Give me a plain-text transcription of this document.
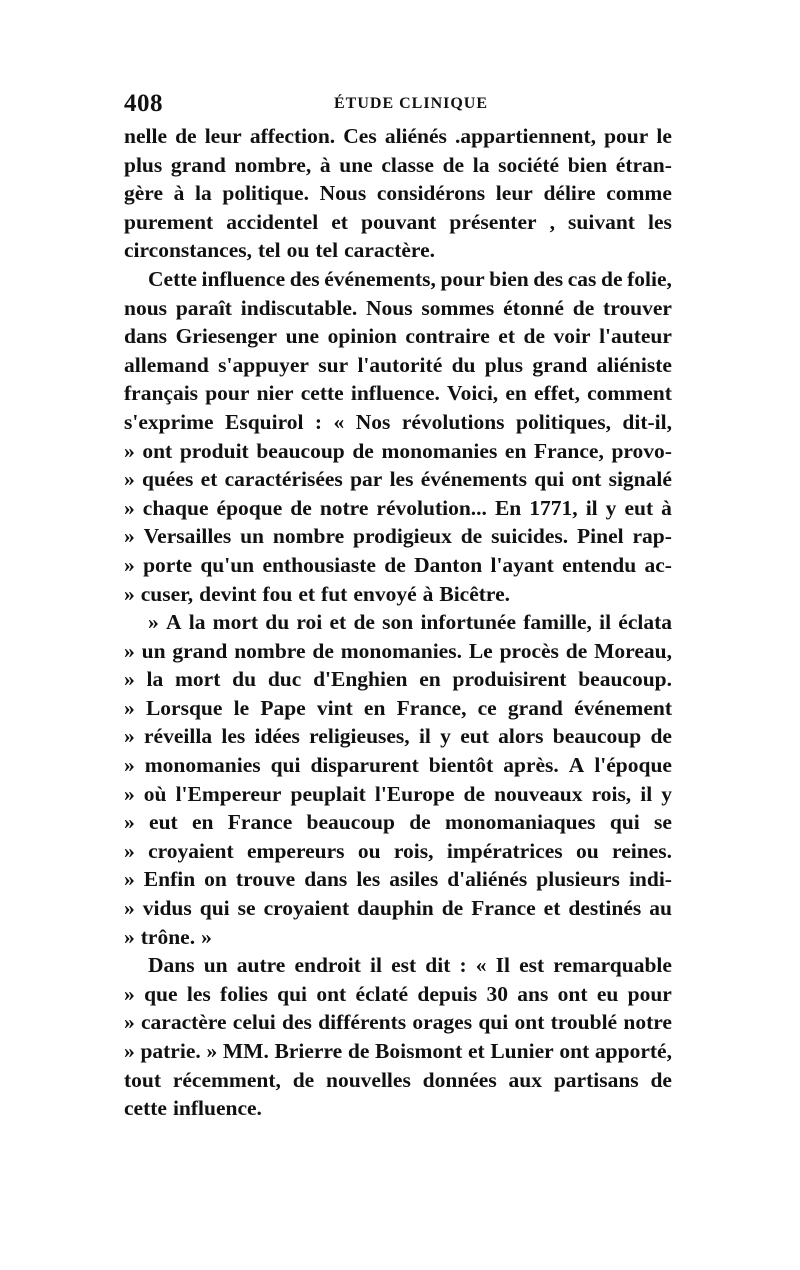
408	ÉTUDE CLINIQUE
nelle de leur affection. Ces aliénés .appartiennent, pour le
plus grand nombre, à une classe de la société bien étran-
gère à la politique. Nous considérons leur délire comme
purement accidentel et pouvant présenter , suivant les
circonstances, tel ou tel caractère.
Cette influence des événements, pour bien des cas de folie,
nous paraît indiscutable. Nous sommes étonné de trouver
dans Griesenger une opinion contraire et de voir l'auteur
allemand s'appuyer sur l'autorité du plus grand aliéniste
français pour nier cette influence. Voici, en effet, comment
s'exprime Esquirol : « Nos révolutions politiques, dit-il,
» ont produit beaucoup de monomanies en France, provo-
» quées et caractérisées par les événements qui ont signalé
» chaque époque de notre révolution... En 1771, il y eut à
» Versailles un nombre prodigieux de suicides. Pinel rap-
» porte qu'un enthousiaste de Danton l'ayant entendu ac-
» cuser, devint fou et fut envoyé à Bicêtre.
» A la mort du roi et de son infortunée famille, il éclata
» un grand nombre de monomanies. Le procès de Moreau,
» la mort du duc d'Enghien en produisirent beaucoup.
» Lorsque le Pape vint en France, ce grand événement
» réveilla les idées religieuses, il y eut alors beaucoup de
» monomanies qui disparurent bientôt après. A l'époque
» où l'Empereur peuplait l'Europe de nouveaux rois, il y
» eut en France beaucoup de monomaniaques qui se
» croyaient empereurs ou rois, impératrices ou reines.
» Enfin on trouve dans les asiles d'aliénés plusieurs indi-
» vidus qui se croyaient dauphin de France et destinés au
» trône. »
Dans un autre endroit il est dit : « Il est remarquable
» que les folies qui ont éclaté depuis 30 ans ont eu pour
» caractère celui des différents orages qui ont troublé notre
» patrie. » MM. Brierre de Boismont et Lunier ont apporté,
tout récemment, de nouvelles données aux partisans de
cette influence.
